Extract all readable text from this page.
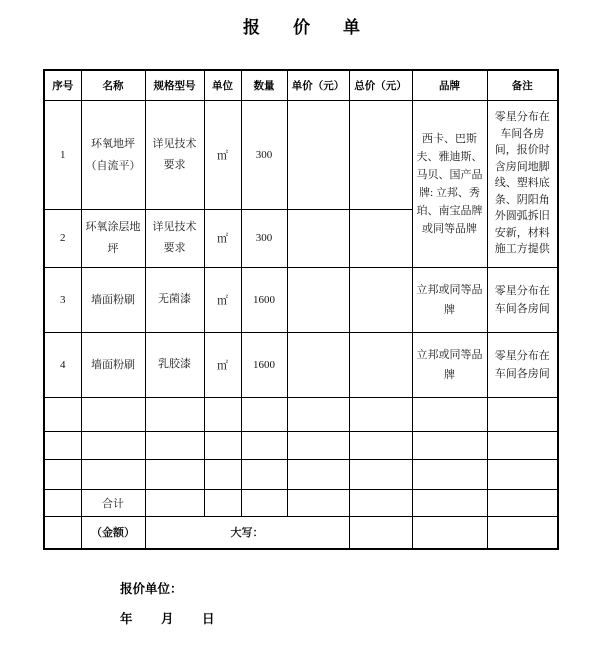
报　价　单
序号	名称	规格型号	单位	数量	单价（元）	总价（元）	品牌	备注
1	环氧地坪（自流平）	详见技术要求	㎡	300			西卡、巴斯夫、雅迪斯、马贝、国产品牌: 立邦、秀珀、南宝品牌或同等品牌	零星分布在车间各房间，报价时含房间地脚线、塑料底条、阴阳角外圆弧拆旧安新，材料施工方提供
2	环氧涂层地坪	详见技术要求	㎡	300				
3	墙面粉刷	无菌漆	㎡	1600			立邦或同等品牌	零星分布在车间各房间
4	墙面粉刷	乳胶漆	㎡	1600			立邦或同等品牌	零星分布在车间各房间

	合计							
	（金额）	大写：						
报价单位：
年　月　日
